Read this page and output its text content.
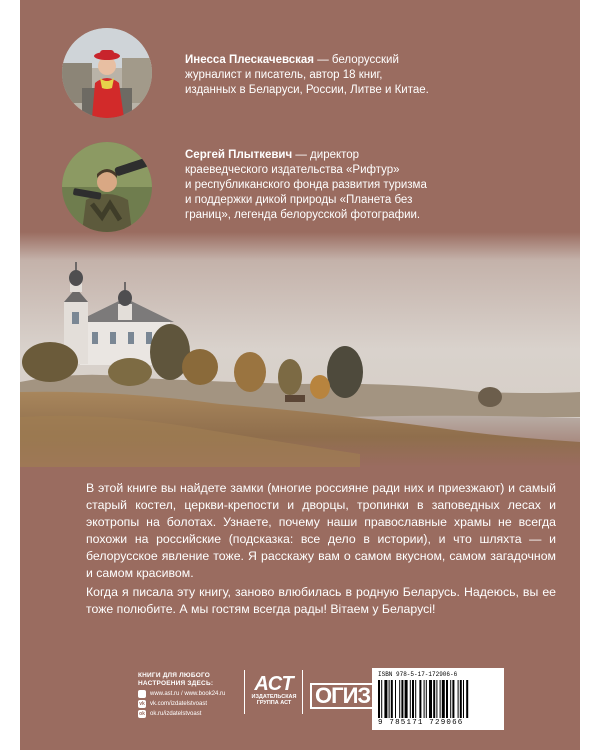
Инесса Плескачевская — белорусский
журналист и писатель, автор 18 книг,
изданных в Беларуси, России, Литве и Китае.
Сергей Плыткевич — директор
краеведческого издательства «Рифтур»
и республиканского фонда развития туризма
и поддержки дикой природы «Планета без
границ», легенда белорусской фотографии.

В этой книге вы найдете замки (многие россияне ради них и приезжают) и самый старый костел, церкви-крепости и дворцы, тропинки в заповедных лесах и экотропы на болотах. Узнаете, почему наши православные храмы не всегда похожи на российские (подсказка: все дело в истории), и что шляхта — и белорусское явление тоже. Я расскажу вам о самом вкусном, самом загадочном и самом красивом.

Когда я писала эту книгу, заново влюбилась в родную Беларусь. Надеюсь, вы ее тоже полюбите. А мы гостям всегда рады! Вітаем у Беларусі!

КНИГИ ДЛЯ ЛЮБОГО
НАСТРОЕНИЯ ЗДЕСЬ:
www.ast.ru / www.book24.ru
vk vk.com/izdatelstvoast
ok ok.ru/izdatelstvoast
АСТ
ИЗДАТЕЛЬСКАЯ
ГРУППА АСТ	ОГИЗ
ISBN 978-5-17-172906-6
9 785171 729066
